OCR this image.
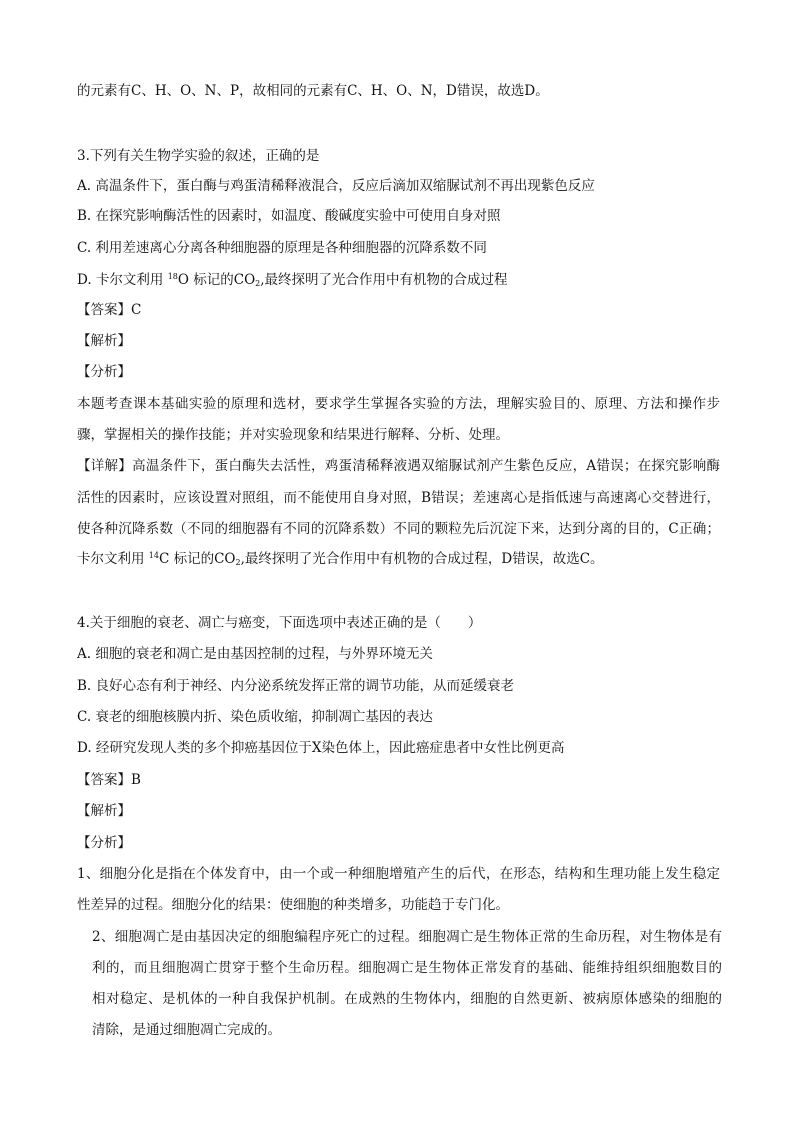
的元素有C、H、O、N、P，故相同的元素有C、H、O、N，D错误，故选D。
3.下列有关生物学实验的叙述，正确的是
A. 高温条件下，蛋白酶与鸡蛋清稀释液混合，反应后滴加双缩脲试剂不再出现紫色反应
B. 在探究影响酶活性的因素时，如温度、酸碱度实验中可使用自身对照
C. 利用差速离心分离各种细胞器的原理是各种细胞器的沉降系数不同
D. 卡尔文利用 $^{18}$O 标记的$CO_2$,最终探明了光合作用中有机物的合成过程
【答案】C
【解析】
【分析】
本题考查课本基础实验的原理和选材，要求学生掌握各实验的方法，理解实验目的、原理、方法和操作步
骤，掌握相关的操作技能；并对实验现象和结果进行解释、分析、处理。
【详解】高温条件下，蛋白酶失去活性，鸡蛋清稀释液遇双缩脲试剂产生紫色反应，A错误；在探究影响酶
活性的因素时，应该设置对照组，而不能使用自身对照，B错误；差速离心是指低速与高速离心交替进行，
使各种沉降系数（不同的细胞器有不同的沉降系数）不同的颗粒先后沉淀下来，达到分离的目的，C正确；
卡尔文利用 $^{14}$C 标记的$CO_2$,最终探明了光合作用中有机物的合成过程，D错误，故选C。
4.关于细胞的衰老、凋亡与癌变，下面选项中表述正确的是（　　）
A. 细胞的衰老和凋亡是由基因控制的过程，与外界环境无关
B. 良好心态有利于神经、内分泌系统发挥正常的调节功能，从而延缓衰老
C. 衰老的细胞核膜内折、染色质收缩，抑制凋亡基因的表达
D. 经研究发现人类的多个抑癌基因位于X染色体上，因此癌症患者中女性比例更高
【答案】B
【解析】
【分析】
1、细胞分化是指在个体发育中，由一个或一种细胞增殖产生的后代，在形态，结构和生理功能上发生稳定
性差异的过程。细胞分化的结果：使细胞的种类增多，功能趋于专门化。
2、细胞凋亡是由基因决定的细胞编程序死亡的过程。细胞凋亡是生物体正常的生命历程，对生物体是有
利的，而且细胞凋亡贯穿于整个生命历程。细胞凋亡是生物体正常发育的基础、能维持组织细胞数目的
相对稳定、是机体的一种自我保护机制。在成熟的生物体内，细胞的自然更新、被病原体感染的细胞的
清除，是通过细胞凋亡完成的。
